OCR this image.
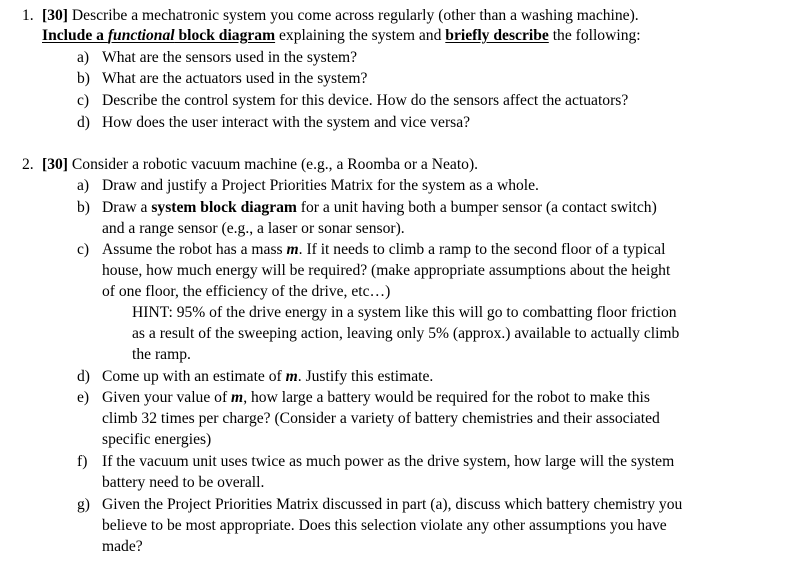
1. [30] Describe a mechatronic system you come across regularly (other than a washing machine).
Include a functional block diagram explaining the system and briefly describe the following:
a) What are the sensors used in the system?
b) What are the actuators used in the system?
c) Describe the control system for this device. How do the sensors affect the actuators?
d) How does the user interact with the system and vice versa?
2. [30] Consider a robotic vacuum machine (e.g., a Roomba or a Neato).
a) Draw and justify a Project Priorities Matrix for the system as a whole.
b) Draw a system block diagram for a unit having both a bumper sensor (a contact switch)
and a range sensor (e.g., a laser or sonar sensor).
c) Assume the robot has a mass m. If it needs to climb a ramp to the second floor of a typical
house, how much energy will be required? (make appropriate assumptions about the height
of one floor, the efficiency of the drive, etc…)
HINT: 95% of the drive energy in a system like this will go to combatting floor friction
as a result of the sweeping action, leaving only 5% (approx.) available to actually climb
the ramp.
d) Come up with an estimate of m. Justify this estimate.
e) Given your value of m, how large a battery would be required for the robot to make this
climb 32 times per charge? (Consider a variety of battery chemistries and their associated
specific energies)
f) If the vacuum unit uses twice as much power as the drive system, how large will the system
battery need to be overall.
g) Given the Project Priorities Matrix discussed in part (a), discuss which battery chemistry you
believe to be most appropriate. Does this selection violate any other assumptions you have
made?
